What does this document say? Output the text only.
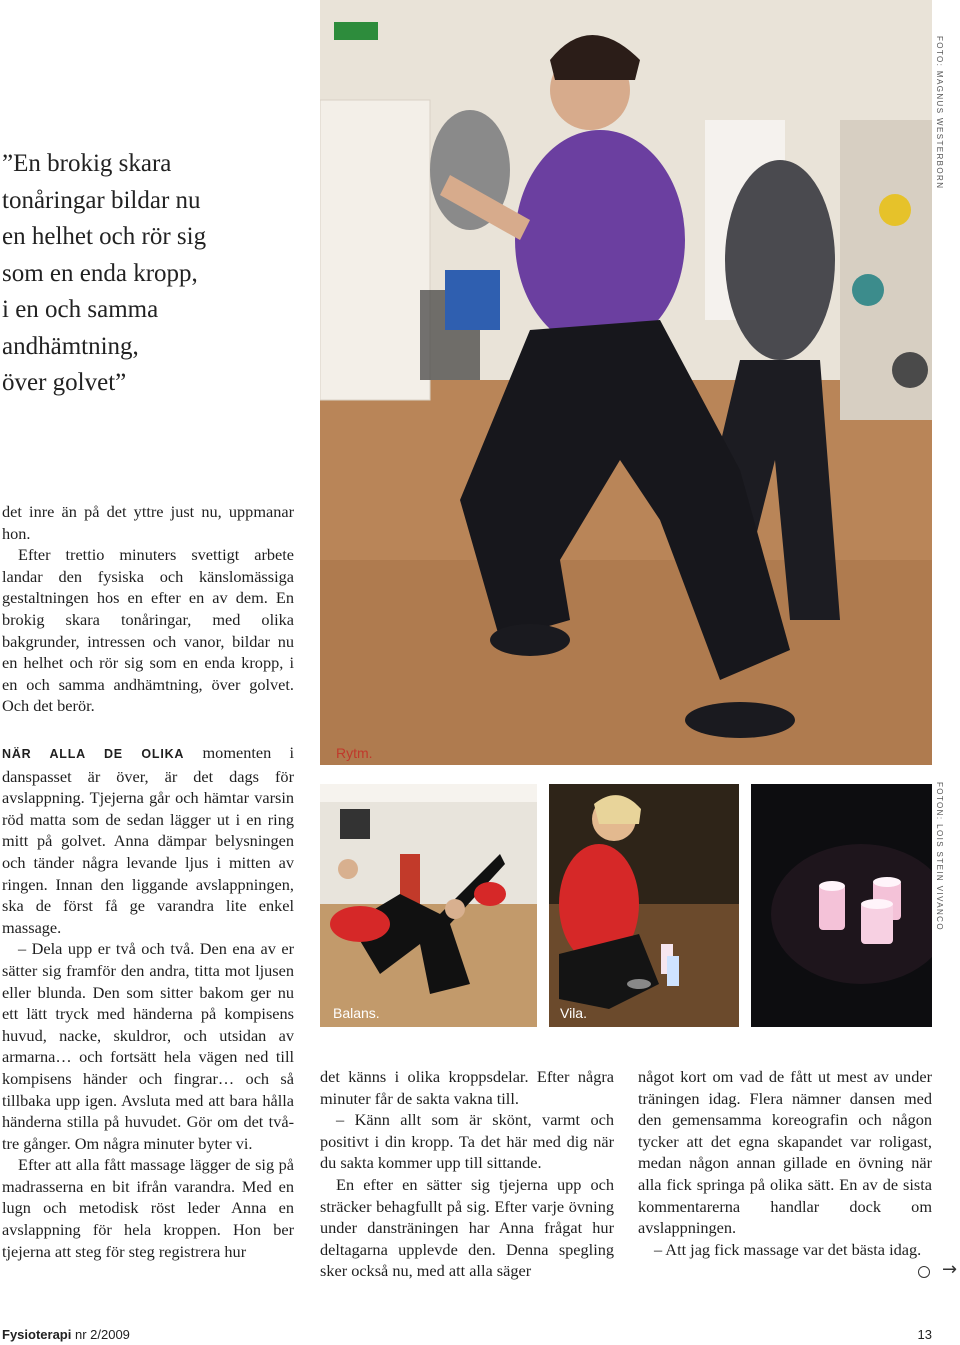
”En brokig skara
tonåringar bildar nu
en helhet och rör sig
som en enda kropp,
i en och samma
andhämtning,
över golvet”
FOTO: MAGNUS WESTERBORN

det inre än på det yttre just nu, uppmanar hon.

Efter trettio minuters svettigt arbete landar den fysiska och känslomässiga gestaltningen hos en efter en av dem. En brokig skara tonåringar, med olika bakgrunder, intressen och vanor, bildar nu en helhet och rör sig som en enda kropp, i en och samma andhämtning, över golvet. Och det berör.

NÄR ALLA DE OLIKA momenten i danspasset är över, är det dags för avslappning. Tjejerna går och hämtar varsin röd matta som de sedan lägger ut i en ring mitt på golvet. Anna dämpar belysningen och tänder några levande ljus i mitten av ringen. Innan den liggande avslappningen, ska de först få ge varandra lite enkel massage.

– Dela upp er två och två. Den ena av er sätter sig framför den andra, titta mot ljusen eller blunda. Den som sitter bakom ger nu ett lätt tryck med händerna på kompisens huvud, nacke, skuldror, och utsidan av armarna… och fortsätt hela vägen ned till kompisens händer och fingrar… och så tillbaka upp igen. Avsluta med att bara hålla händerna stilla på huvudet. Gör om det två-tre gånger. Om några minuter byter vi.

Efter att alla fått massage lägger de sig på madrasserna en bit ifrån varandra. Med en lugn och metodisk röst leder Anna en avslappning för hela kroppen. Hon ber tjejerna att steg för steg registrera hur

Rytm.
Balans.	Vila.
FOTON: LOIS STEIN VIVANCO

det känns i olika kroppsdelar. Efter några minuter får de sakta vakna till.

– Känn allt som är skönt, varmt och positivt i din kropp. Ta det här med dig när du sakta kommer upp till sittande.

En efter en sätter sig tjejerna upp och sträcker behagfullt på sig. Efter varje övning under dansträningen har Anna frågat hur deltagarna upplevde den. Denna spegling sker också nu, med att alla säger

något kort om vad de fått ut mest av under träningen idag. Flera nämner dansen med den gemensamma koreografin och någon tycker att det egna skapandet var roligast, medan någon annan gillade en övning när alla fick springa på olika sätt. En av de sista kommentarerna handlar dock om avslappningen.

– Att jag fick massage var det bästa idag.

→
Fysioterapi nr 2/2009	13
